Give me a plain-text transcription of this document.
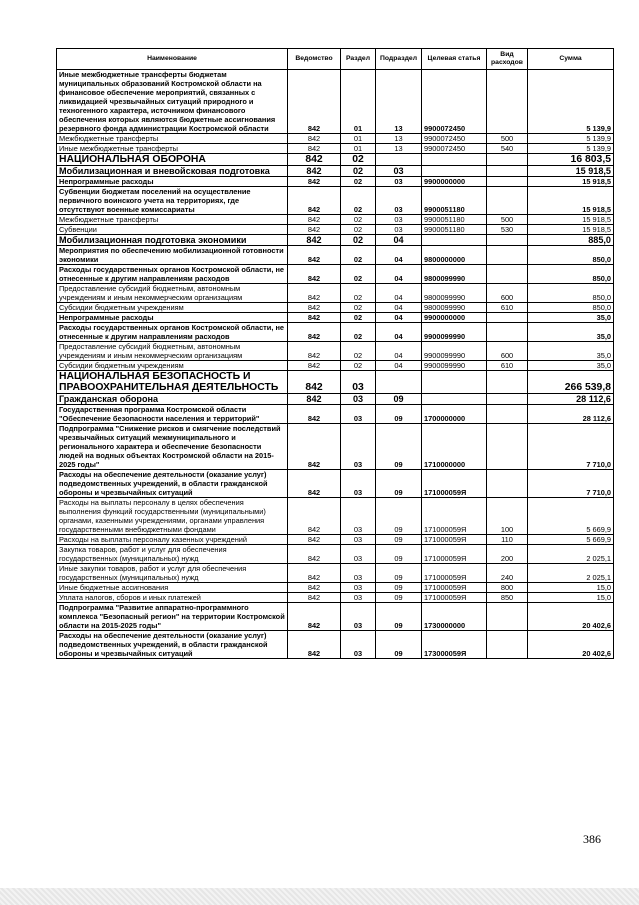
Наименование	Ведомство	Раздел	Подраздел	Целевая статья	Вид расходов	Сумма
Иные межбюджетные трансферты бюджетам муниципальных образований Костромской области на финансовое обеспечение мероприятий, связанных с ликвидацией чрезвычайных ситуаций природного и техногенного характера, источником финансового обеспечения которых являются бюджетные ассигнования резервного фонда администрации Костромской области	842	01	13	9900072450		5 139,9
Межбюджетные трансферты	842	01	13	9900072450	500	5 139,9
Иные межбюджетные трансферты	842	01	13	9900072450	540	5 139,9
НАЦИОНАЛЬНАЯ ОБОРОНА	842	02				16 803,5
Мобилизационная и вневойсковая подготовка	842	02	03			15 918,5
Непрограммные расходы	842	02	03	9900000000		15 918,5
Субвенции бюджетам поселений на осуществление первичного воинского учета на территориях, где отсутствуют военные комиссариаты	842	02	03	9900051180		15 918,5
Межбюджетные трансферты	842	02	03	9900051180	500	15 918,5
Субвенции	842	02	03	9900051180	530	15 918,5
Мобилизационная подготовка экономики	842	02	04			885,0
Мероприятия по обеспечению мобилизационной готовности экономики	842	02	04	9800000000		850,0
Расходы государственных органов Костромской области, не отнесенные к другим направлениям расходов	842	02	04	9800099990		850,0
Предоставление субсидий бюджетным, автономным учреждениям и иным некоммерческим организациям	842	02	04	9800099990	600	850,0
Субсидии бюджетным учреждениям	842	02	04	9800099990	610	850,0
Непрограммные расходы	842	02	04	9900000000		35,0
Расходы государственных органов Костромской области, не отнесенные к другим направлениям расходов	842	02	04	9900099990		35,0
Предоставление субсидий бюджетным, автономным учреждениям и иным некоммерческим организациям	842	02	04	9900099990	600	35,0
Субсидии бюджетным учреждениям	842	02	04	9900099990	610	35,0
НАЦИОНАЛЬНАЯ БЕЗОПАСНОСТЬ И ПРАВООХРАНИТЕЛЬНАЯ ДЕЯТЕЛЬНОСТЬ	842	03				266 539,8
Гражданская оборона	842	03	09			28 112,6
Государственная программа Костромской области "Обеспечение безопасности населения и территорий"	842	03	09	1700000000		28 112,6
Подпрограмма "Снижение рисков и смягчение последствий чрезвычайных ситуаций межмуниципального и регионального характера и обеспечение безопасности людей на водных объектах Костромской области на 2015-2025 годы"	842	03	09	1710000000		7 710,0
Расходы на обеспечение деятельности (оказание услуг) подведомственных учреждений, в области гражданской обороны и чрезвычайных ситуаций	842	03	09	171000059Я		7 710,0
Расходы на выплаты персоналу в целях обеспечения выполнения функций государственными (муниципальными) органами, казенными учреждениями, органами управления государственными внебюджетными фондами	842	03	09	171000059Я	100	5 669,9
Расходы на выплаты персоналу казенных учреждений	842	03	09	171000059Я	110	5 669,9
Закупка товаров, работ и услуг для обеспечения государственных (муниципальных) нужд	842	03	09	171000059Я	200	2 025,1
Иные закупки товаров, работ и услуг для обеспечения государственных (муниципальных) нужд	842	03	09	171000059Я	240	2 025,1
Иные бюджетные ассигнования	842	03	09	171000059Я	800	15,0
Уплата налогов, сборов и иных платежей	842	03	09	171000059Я	850	15,0
Подпрограмма "Развитие аппаратно-программного комплекса "Безопасный регион" на территории Костромской области на 2015-2025 годы"	842	03	09	1730000000		20 402,6
Расходы на обеспечение деятельности (оказание услуг) подведомственных учреждений, в области гражданской обороны и чрезвычайных ситуаций	842	03	09	173000059Я		20 402,6
386
